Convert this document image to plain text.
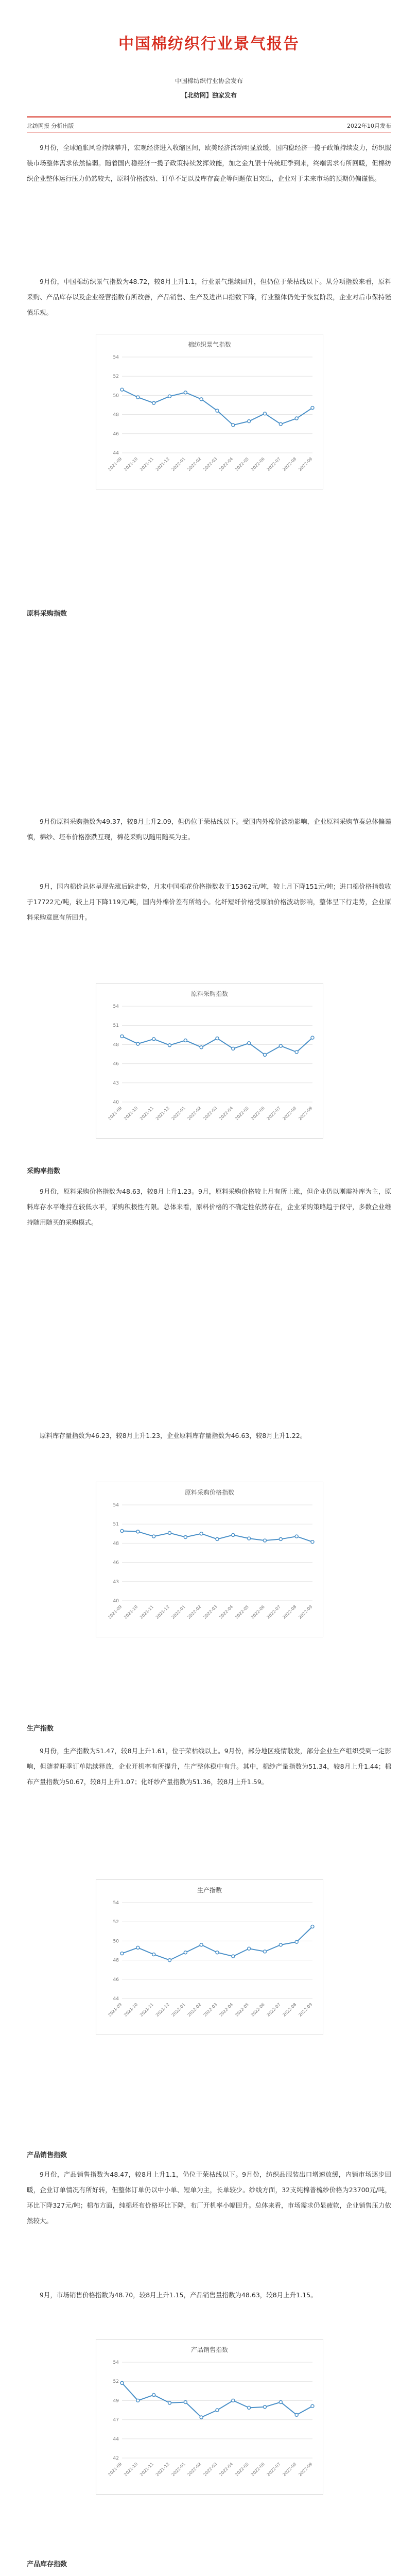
中国棉纺织行业景气报告
中国棉纺织行业协会发布
【北纺网】独家发布
北纺网报 分析出版	2022年10月发布

9月份，全球通胀风险持续攀升，宏观经济进入收缩区间，欧美经济活动明显放缓，国内稳经济一揽子政策持续发力，纺织服装市场整体需求依然偏弱。随着国内稳经济一揽子政策持续发挥效能，加之金九银十传统旺季到来，终端需求有所回暖，但棉纺织企业整体运行压力仍然较大，原料价格波动、订单不足以及库存高企等问题依旧突出，企业对于未来市场的预期仍偏谨慎。

9月份，中国棉纺织景气指数为48.72，较8月上升1.1，行业景气继续回升，但仍位于荣枯线以下。从分项指数来看，原料采购、产品库存以及企业经营指数有所改善，产品销售、生产及进出口指数下降，行业整体仍处于恢复阶段，企业对后市保持谨慎乐观。

棉纺织景气指数
44
46
48
50
52
54
2021-09 2021-10 2021-11 2021-12 2022-01 2022-02 2022-03 2022-04 2022-05 2022-06 2022-07 2022-08 2022-09

原料采购指数

9月份原料采购指数为49.37，较8月上升2.09，但仍位于荣枯线以下。受国内外棉价波动影响，企业原料采购节奏总体偏谨慎，棉纱、坯布价格涨跌互现，棉花采购以随用随买为主。

9月，国内棉价总体呈现先涨后跌走势，月末中国棉花价格指数收于15362元/吨，较上月下降151元/吨；进口棉价格指数收于17722元/吨，较上月下降119元/吨，国内外棉价差有所缩小。化纤短纤价格受原油价格波动影响，整体呈下行走势，企业原料采购意愿有所回升。

原料采购指数
40
43
46
48
51
54
2021-09 2021-10 2021-11 2021-12 2022-01 2022-02 2022-03 2022-04 2022-05 2022-06 2022-07 2022-08 2022-09

采购率指数

9月份，原料采购价格指数为48.63，较8月上升1.23。9月，原料采购价格较上月有所上涨，但企业仍以刚需补库为主，原料库存水平维持在较低水平，采购积极性有限。总体来看，原料价格的不确定性依然存在，企业采购策略趋于保守，多数企业维持随用随买的采购模式。

原料库存量指数为46.23，较8月上升1.23，企业原料库存量指数为46.63，较8月上升1.22。

原料采购价格指数
40
43
46
48
51
54
2021-09 2021-10 2021-11 2021-12 2022-01 2022-02 2022-03 2022-04 2022-05 2022-06 2022-07 2022-08 2022-09

生产指数

9月份，生产指数为51.47，较8月上升1.61，位于荣枯线以上。9月份，部分地区疫情散发，部分企业生产组织受到一定影响，但随着旺季订单陆续释放，企业开机率有所提升，生产整体稳中有升。其中，棉纱产量指数为51.34，较8月上升1.44；棉布产量指数为50.67，较8月上升1.07；化纤纱产量指数为51.36，较8月上升1.59。

生产指数
44
46
48
50
52
54
2021-09 2021-10 2021-11 2021-12 2022-01 2022-02 2022-03 2022-04 2022-05 2022-06 2022-07 2022-08 2022-09

产品销售指数

9月份，产品销售指数为48.47，较8月上升1.1，仍位于荣枯线以下。9月份，纺织品服装出口增速放缓，内销市场逐步回暖，企业订单情况有所好转，但整体订单仍以中小单、短单为主，长单较少。纱线方面，32支纯棉普梳纱价格为23700元/吨，环比下降327元/吨；棉布方面，纯棉坯布价格环比下降，布厂开机率小幅回升。总体来看，市场需求仍显疲软，企业销售压力依然较大。

9月，市场销售价格指数为48.70，较8月上升1.15，产品销售量指数为48.63，较8月上升1.15。

产品销售指数
42
44
47
49
52
54
2021-09 2021-10 2021-11 2021-12 2022-01 2022-02 2022-03 2022-04 2022-05 2022-06 2022-07 2022-08 2022-09

产品库存指数
